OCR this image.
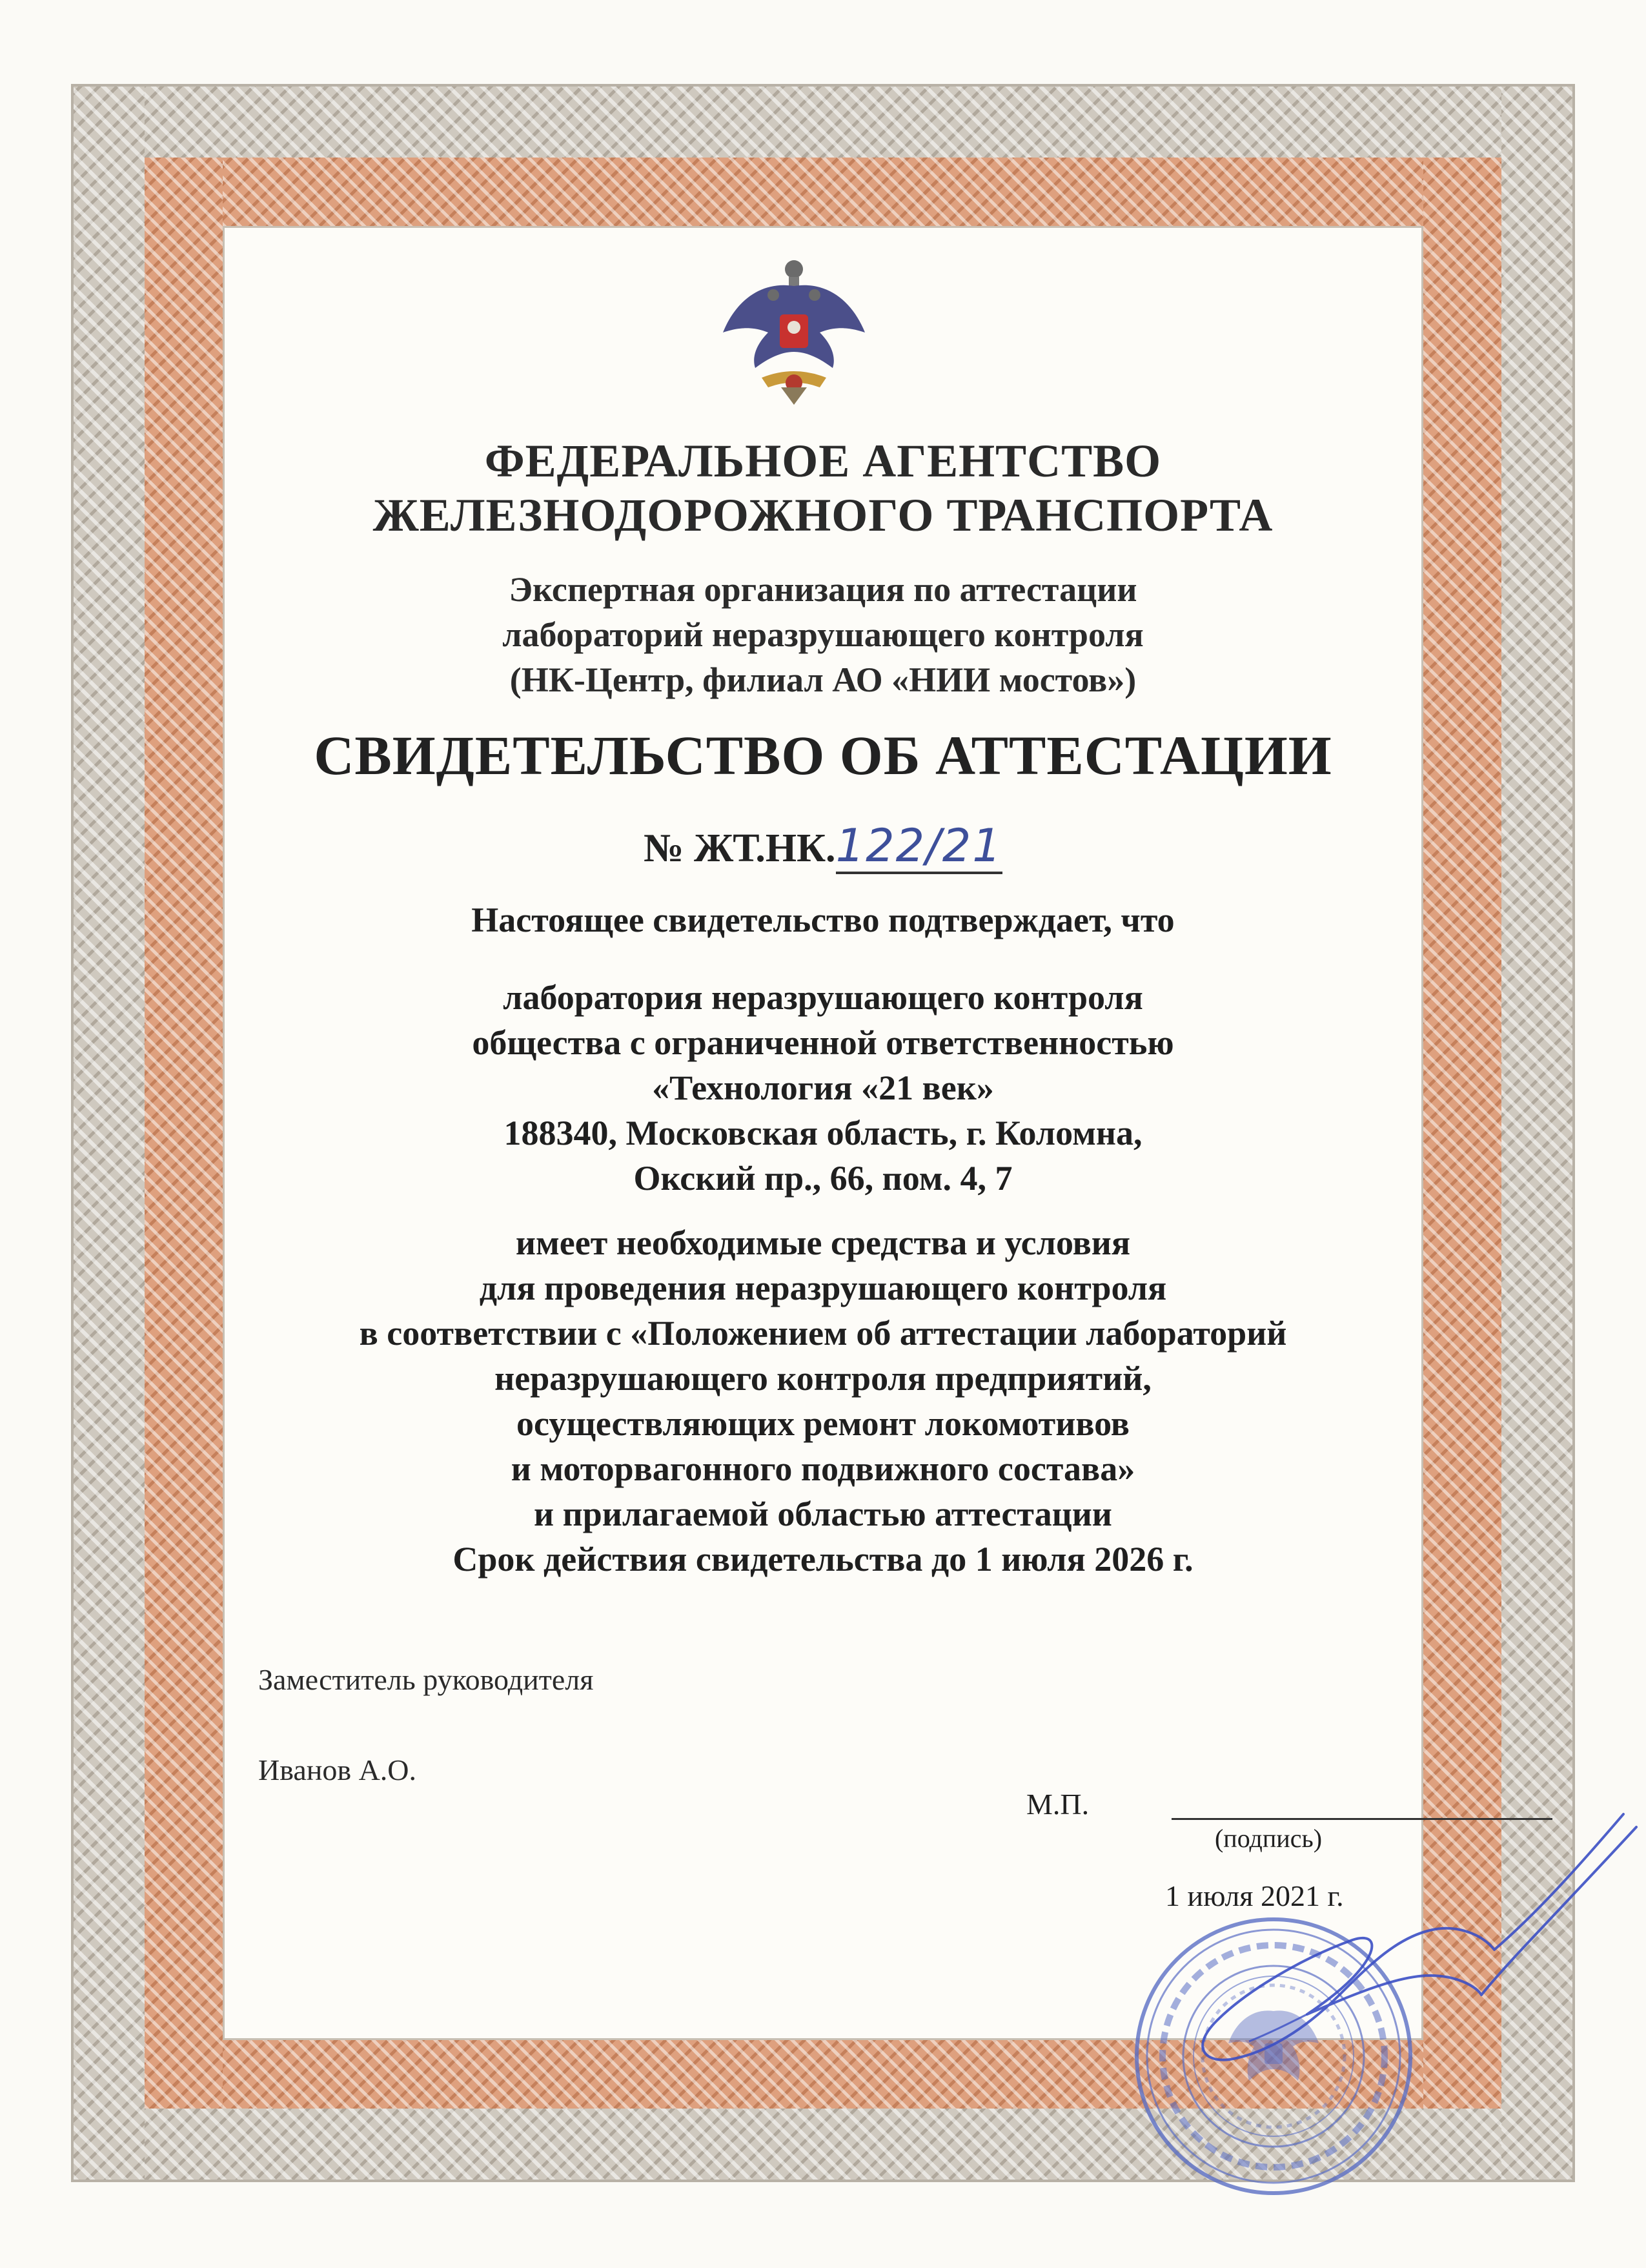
ФЕДЕРАЛЬНОЕ АГЕНТСТВО
ЖЕЛЕЗНОДОРОЖНОГО ТРАНСПОРТА
Экспертная организация по аттестации
лабораторий неразрушающего контроля
(НК-Центр, филиал АО «НИИ мостов»)
СВИДЕТЕЛЬСТВО ОБ АТТЕСТАЦИИ
№ ЖТ.НК.122/21
Настоящее свидетельство подтверждает, что
лаборатория неразрушающего контроля
общества с ограниченной ответственностью
«Технология «21 век»
188340, Московская область, г. Коломна,
Окский пр., 66, пом. 4, 7
имеет необходимые средства и условия
для проведения неразрушающего контроля
в соответствии с «Положением об аттестации лабораторий
неразрушающего контроля предприятий,
осуществляющих ремонт локомотивов
и моторвагонного подвижного состава»
и прилагаемой областью аттестации
Срок действия свидетельства до 1 июля 2026 г.
Заместитель руководителя
Иванов А.О.
М.П.
(подпись)
1 июля 2021 г.
